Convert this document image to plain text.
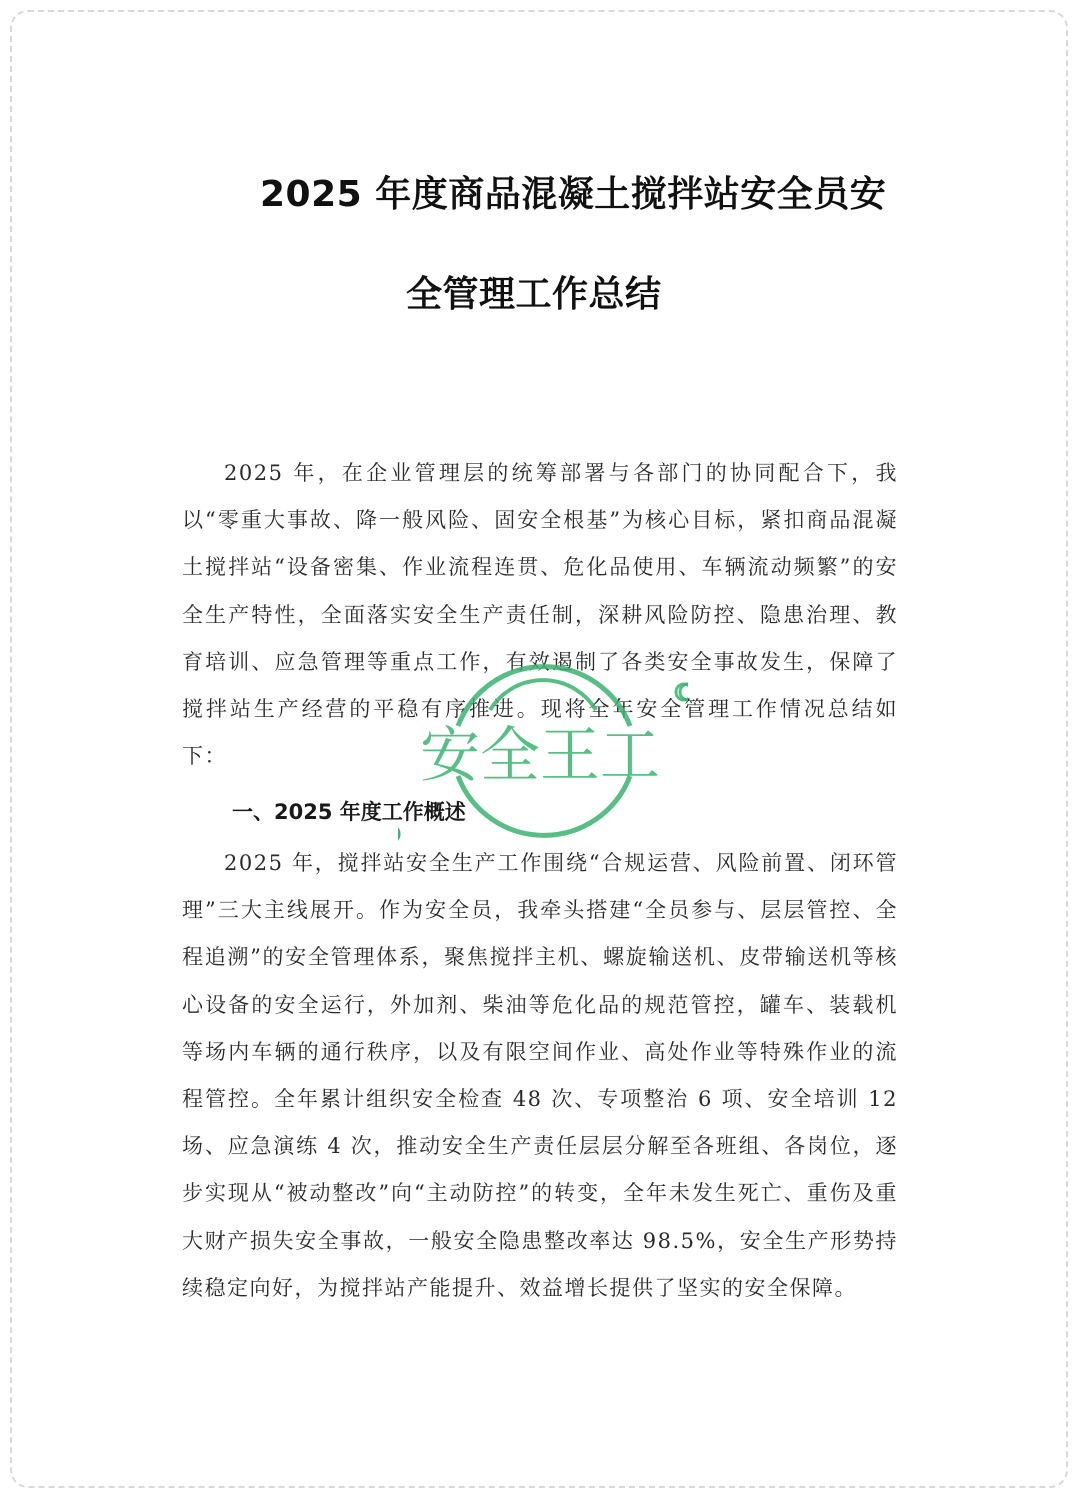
2025 年度商品混凝土搅拌站安全员安
全管理工作总结

2025 年，在企业管理层的统筹部署与各部门的协同配合下，我以“零重大事故、降一般风险、固安全根基”为核心目标，紧扣商品混凝土搅拌站“设备密集、作业流程连贯、危化品使用、车辆流动频繁”的安全生产特性，全面落实安全生产责任制，深耕风险防控、隐患治理、教育培训、应急管理等重点工作，有效遏制了各类安全事故发生，保障了搅拌站生产经营的平稳有序推进。现将全年安全管理工作情况总结如下：

一、2025 年度工作概述

2025 年，搅拌站安全生产工作围绕“合规运营、风险前置、闭环管理”三大主线展开。作为安全员，我牵头搭建“全员参与、层层管控、全程追溯”的安全管理体系，聚焦搅拌主机、螺旋输送机、皮带输送机等核心设备的安全运行，外加剂、柴油等危化品的规范管控，罐车、装载机等场内车辆的通行秩序，以及有限空间作业、高处作业等特殊作业的流程管控。全年累计组织安全检查 48 次、专项整治 6 项、安全培训 12 场、应急演练 4 次，推动安全生产责任层层分解至各班组、各岗位，逐步实现从“被动整改”向“主动防控”的转变，全年未发生死亡、重伤及重大财产损失安全事故，一般安全隐患整改率达 98.5%，安全生产形势持续稳定向好，为搅拌站产能提升、效益增长提供了坚实的安全保障。

安全王工
